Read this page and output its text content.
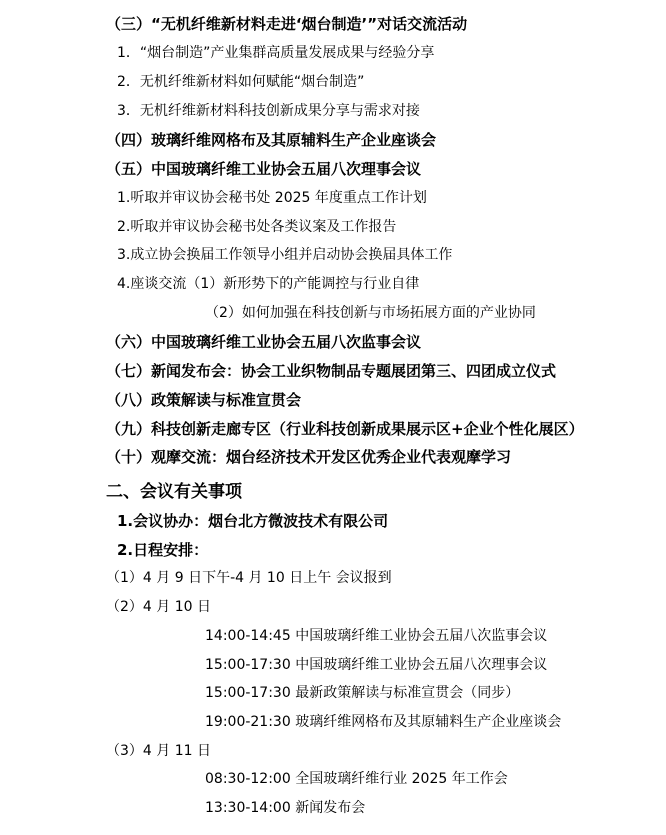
（三）“无机纤维新材料走进‘烟台制造’”对话交流活动
1．“烟台制造”产业集群高质量发展成果与经验分享
2．无机纤维新材料如何赋能“烟台制造”
3．无机纤维新材料科技创新成果分享与需求对接
（四）玻璃纤维网格布及其原辅料生产企业座谈会
（五）中国玻璃纤维工业协会五届八次理事会议
1.听取并审议协会秘书处 2025 年度重点工作计划
2.听取并审议协会秘书处各类议案及工作报告
3.成立协会换届工作领导小组并启动协会换届具体工作
4.座谈交流（1）新形势下的产能调控与行业自律
（2）如何加强在科技创新与市场拓展方面的产业协同
（六）中国玻璃纤维工业协会五届八次监事会议
（七）新闻发布会：协会工业织物制品专题展团第三、四团成立仪式
（八）政策解读与标准宣贯会
（九）科技创新走廊专区（行业科技创新成果展示区+企业个性化展区）
（十）观摩交流：烟台经济技术开发区优秀企业代表观摩学习
二、会议有关事项
1.会议协办：烟台北方微波技术有限公司
2.日程安排：
（1）4 月 9 日下午-4 月 10 日上午 会议报到
（2）4 月 10 日
14:00-14:45 中国玻璃纤维工业协会五届八次监事会议
15:00-17:30 中国玻璃纤维工业协会五届八次理事会议
15:00-17:30 最新政策解读与标准宣贯会（同步）
19:00-21:30 玻璃纤维网格布及其原辅料生产企业座谈会
（3）4 月 11 日
08:30-12:00 全国玻璃纤维行业 2025 年工作会
13:30-14:00 新闻发布会
